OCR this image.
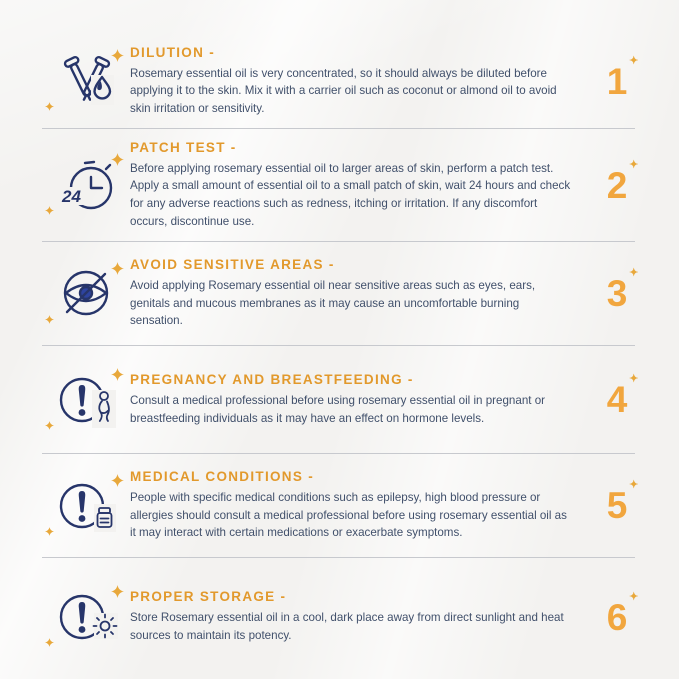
DILUTION -
Rosemary essential oil is very concentrated, so it should always be diluted before applying it to the skin. Mix it with a carrier oil such as coconut or almond oil to avoid skin irritation or sensitivity.
1 ✦
24
PATCH TEST -
Before applying rosemary essential oil to larger areas of skin, perform a patch test. Apply a small amount of essential oil to a small patch of skin, wait 24 hours and check for any adverse reactions such as redness, itching or irritation. If any discomfort occurs, discontinue use.
2 ✦
AVOID SENSITIVE AREAS -
Avoid applying Rosemary essential oil near sensitive areas such as eyes, ears, genitals and mucous membranes as it may cause an uncomfortable burning sensation.
3 ✦
PREGNANCY AND BREASTFEEDING -
Consult a medical professional before using rosemary essential oil in pregnant or breastfeeding individuals as it may have an effect on hormone levels.	4 ✦
MEDICAL CONDITIONS -
People with specific medical conditions such as epilepsy, high blood pressure or allergies should consult a medical professional before using rosemary essential oil as it may interact with certain medications or exacerbate symptoms.
5 ✦
PROPER STORAGE -
Store Rosemary essential oil in a cool, dark place away from direct sunlight and heat sources to maintain its potency.	6 ✦
